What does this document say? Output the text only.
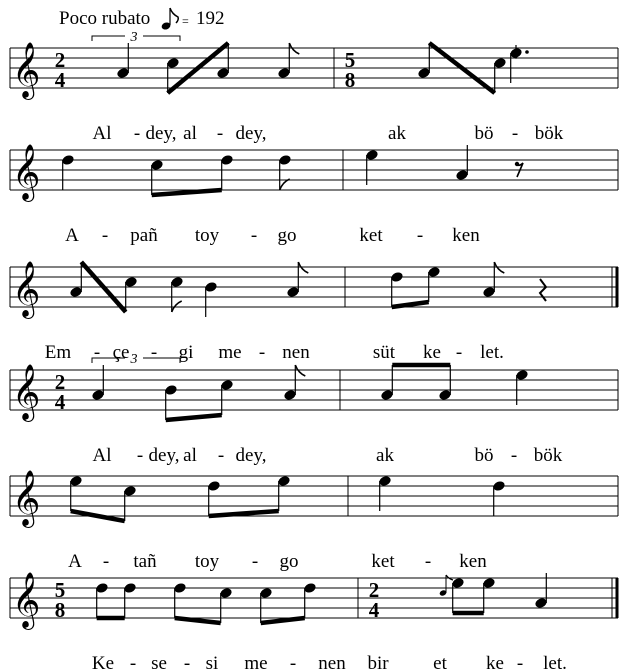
Poco rubato	= 192
𝄞 2
4
5
8
3
Al - dey, al - dey,	ak	bö - bök
𝄞
A - pañ toy - go	ket - ken
𝄞
Em - çe - gi me - nen	süt ke - let.
𝄞 2
4
3
Al - dey, al - dey,	ak	bö - bök
𝄞
A - tañ toy - go	ket - ken
𝄞 5
8
2
4
Ke - se - si me - nen bir et ke - let.
